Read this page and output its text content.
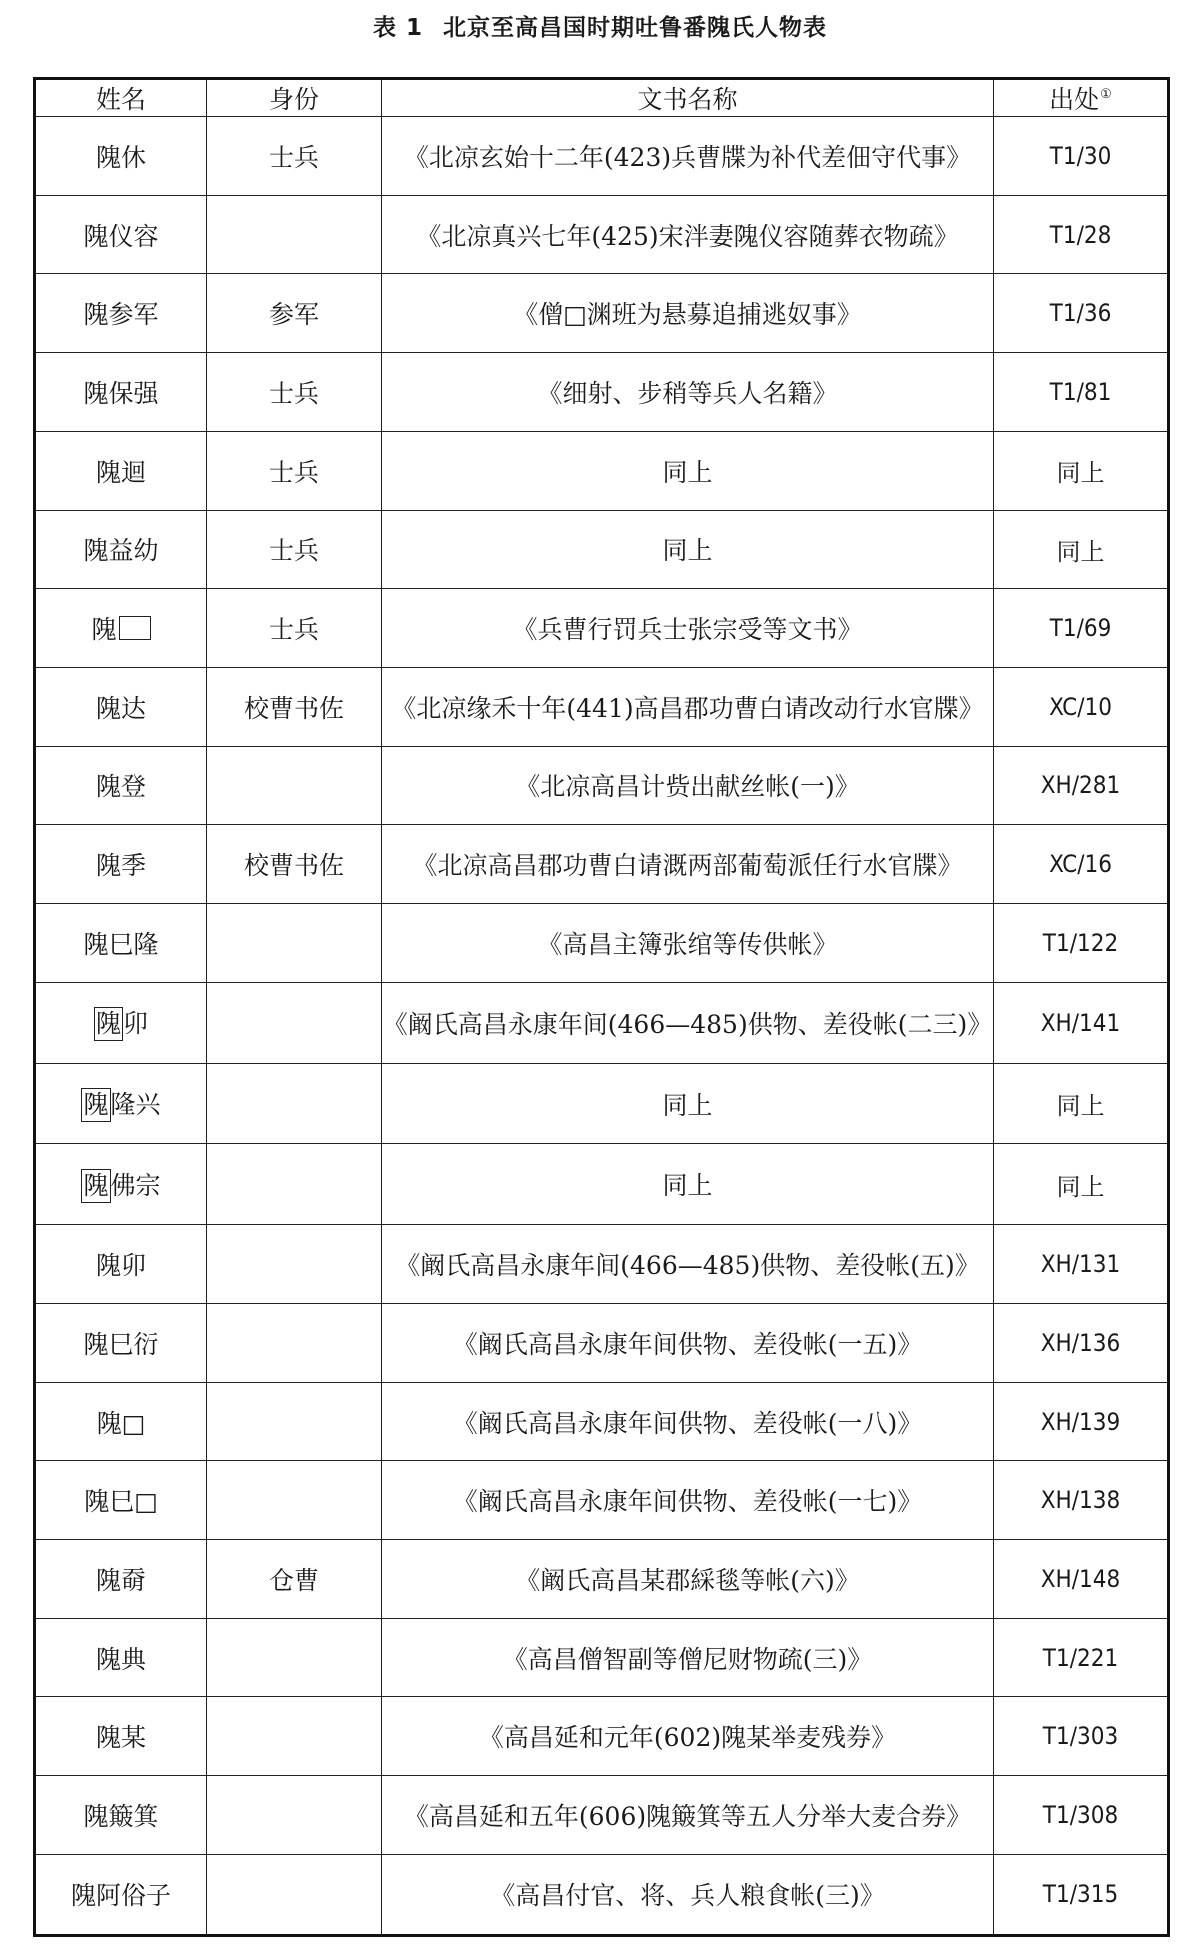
表 1 北京至高昌国时期吐鲁番隗氏人物表
姓名	身份	文书名称	出处①
隗休	士兵	《北凉玄始十二年(423)兵曹牒为补代差佃守代事》	T1/30
隗仪容		《北凉真兴七年(425)宋泮妻隗仪容随葬衣物疏》	T1/28
隗参军	参军	《僧□渊班为悬募追捕逃奴事》	T1/36
隗保强	士兵	《细射、步稍等兵人名籍》	T1/81
隗迴	士兵	同上	同上
隗益幼	士兵	同上	同上
隗	士兵	《兵曹行罚兵士张宗受等文书》	T1/69
隗达	校曹书佐	《北凉缘禾十年(441)高昌郡功曹白请改动行水官牒》	XC/10
隗登		《北凉高昌计赀出献丝帐(一)》	XH/281
隗季	校曹书佐	《北凉高昌郡功曹白请溉两部葡萄派任行水官牒》	XC/16
隗巳隆		《高昌主簿张绾等传供帐》	T1/122
隗卯		《阚氏高昌永康年间(466—485)供物、差役帐(二三)》	XH/141
隗隆兴		同上	同上
隗佛宗		同上	同上
隗卯		《阚氏高昌永康年间(466—485)供物、差役帐(五)》	XH/131
隗巳衍		《阚氏高昌永康年间供物、差役帐(一五)》	XH/136
隗□		《阚氏高昌永康年间供物、差役帐(一八)》	XH/139
隗巳□		《阚氏高昌永康年间供物、差役帐(一七)》	XH/138
隗奣	仓曹	《阚氏高昌某郡綵毯等帐(六)》	XH/148
隗典		《高昌僧智副等僧尼财物疏(三)》	T1/221
隗某		《高昌延和元年(602)隗某举麦残券》	T1/303
隗簸箕		《高昌延和五年(606)隗簸箕等五人分举大麦合券》	T1/308
隗阿俗子		《高昌付官、将、兵人粮食帐(三)》	T1/315
